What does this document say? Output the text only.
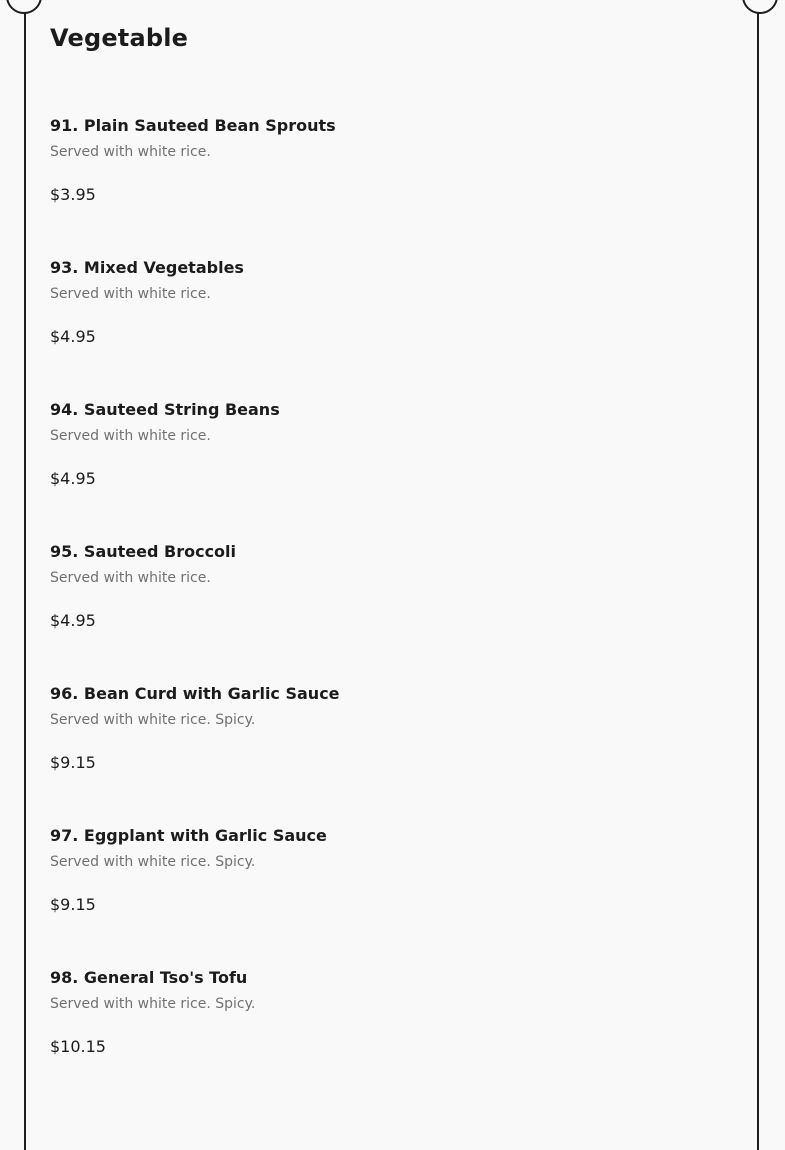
Vegetable
91. Plain Sauteed Bean Sprouts
Served with white rice.
$3.95
93. Mixed Vegetables
Served with white rice.
$4.95
94. Sauteed String Beans
Served with white rice.
$4.95
95. Sauteed Broccoli
Served with white rice.
$4.95
96. Bean Curd with Garlic Sauce
Served with white rice. Spicy.
$9.15
97. Eggplant with Garlic Sauce
Served with white rice. Spicy.
$9.15
98. General Tso's Tofu
Served with white rice. Spicy.
$10.15
